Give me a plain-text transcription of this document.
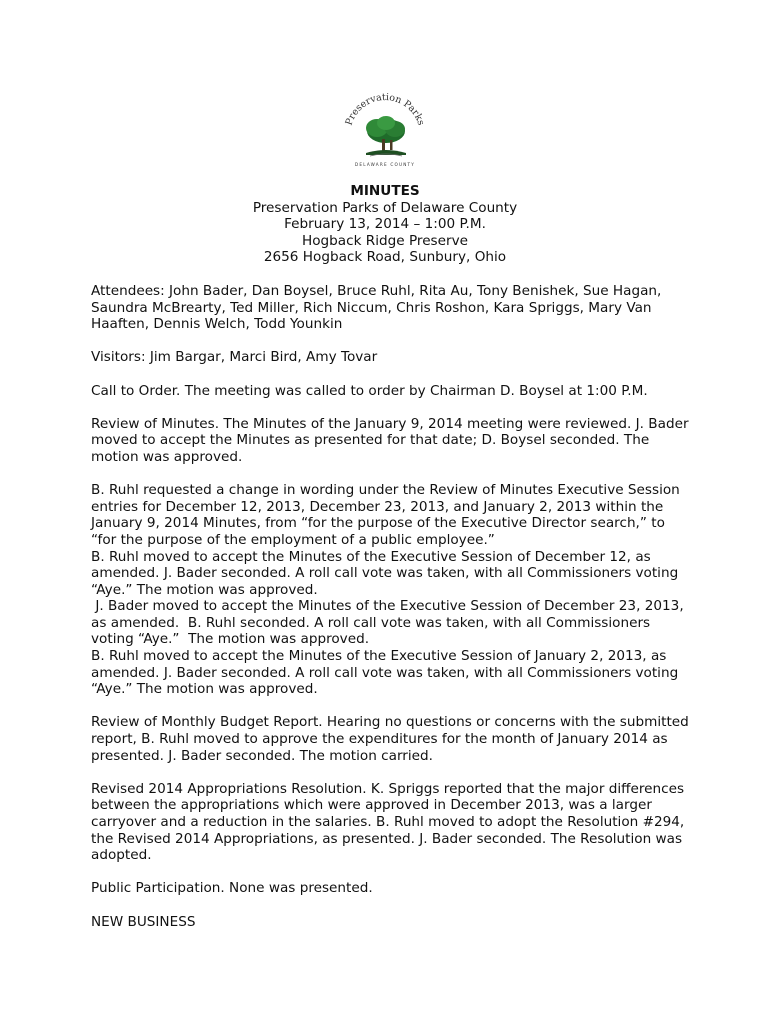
Preservation Parks
DELAWARE COUNTY
MINUTES
Preservation Parks of Delaware County
February 13, 2014 – 1:00 P.M.
Hogback Ridge Preserve
2656 Hogback Road, Sunbury, Ohio

Attendees: John Bader, Dan Boysel, Bruce Ruhl, Rita Au, Tony Benishek, Sue Hagan, Saundra McBrearty, Ted Miller, Rich Niccum, Chris Roshon, Kara Spriggs, Mary Van Haaften, Dennis Welch, Todd Younkin

Visitors: Jim Bargar, Marci Bird, Amy Tovar

Call to Order. The meeting was called to order by Chairman D. Boysel at 1:00 P.M.

Review of Minutes. The Minutes of the January 9, 2014 meeting were reviewed. J. Bader moved to accept the Minutes as presented for that date; D. Boysel seconded. The motion was approved.

B. Ruhl requested a change in wording under the Review of Minutes Executive Session entries for December 12, 2013, December 23, 2013, and January 2, 2013 within the January 9, 2014 Minutes, from “for the purpose of the Executive Director search,” to “for the purpose of the employment of a public employee.”
B. Ruhl moved to accept the Minutes of the Executive Session of December 12, as amended. J. Bader seconded. A roll call vote was taken, with all Commissioners voting “Aye.” The motion was approved.
J. Bader moved to accept the Minutes of the Executive Session of December 23, 2013, as amended.  B. Ruhl seconded. A roll call vote was taken, with all Commissioners voting “Aye.”  The motion was approved.
B. Ruhl moved to accept the Minutes of the Executive Session of January 2, 2013, as amended. J. Bader seconded. A roll call vote was taken, with all Commissioners voting “Aye.” The motion was approved.

Review of Monthly Budget Report. Hearing no questions or concerns with the submitted report, B. Ruhl moved to approve the expenditures for the month of January 2014 as presented. J. Bader seconded. The motion carried.

Revised 2014 Appropriations Resolution. K. Spriggs reported that the major differences between the appropriations which were approved in December 2013, was a larger carryover and a reduction in the salaries. B. Ruhl moved to adopt the Resolution #294, the Revised 2014 Appropriations, as presented. J. Bader seconded. The Resolution was adopted.

Public Participation. None was presented.

NEW BUSINESS
